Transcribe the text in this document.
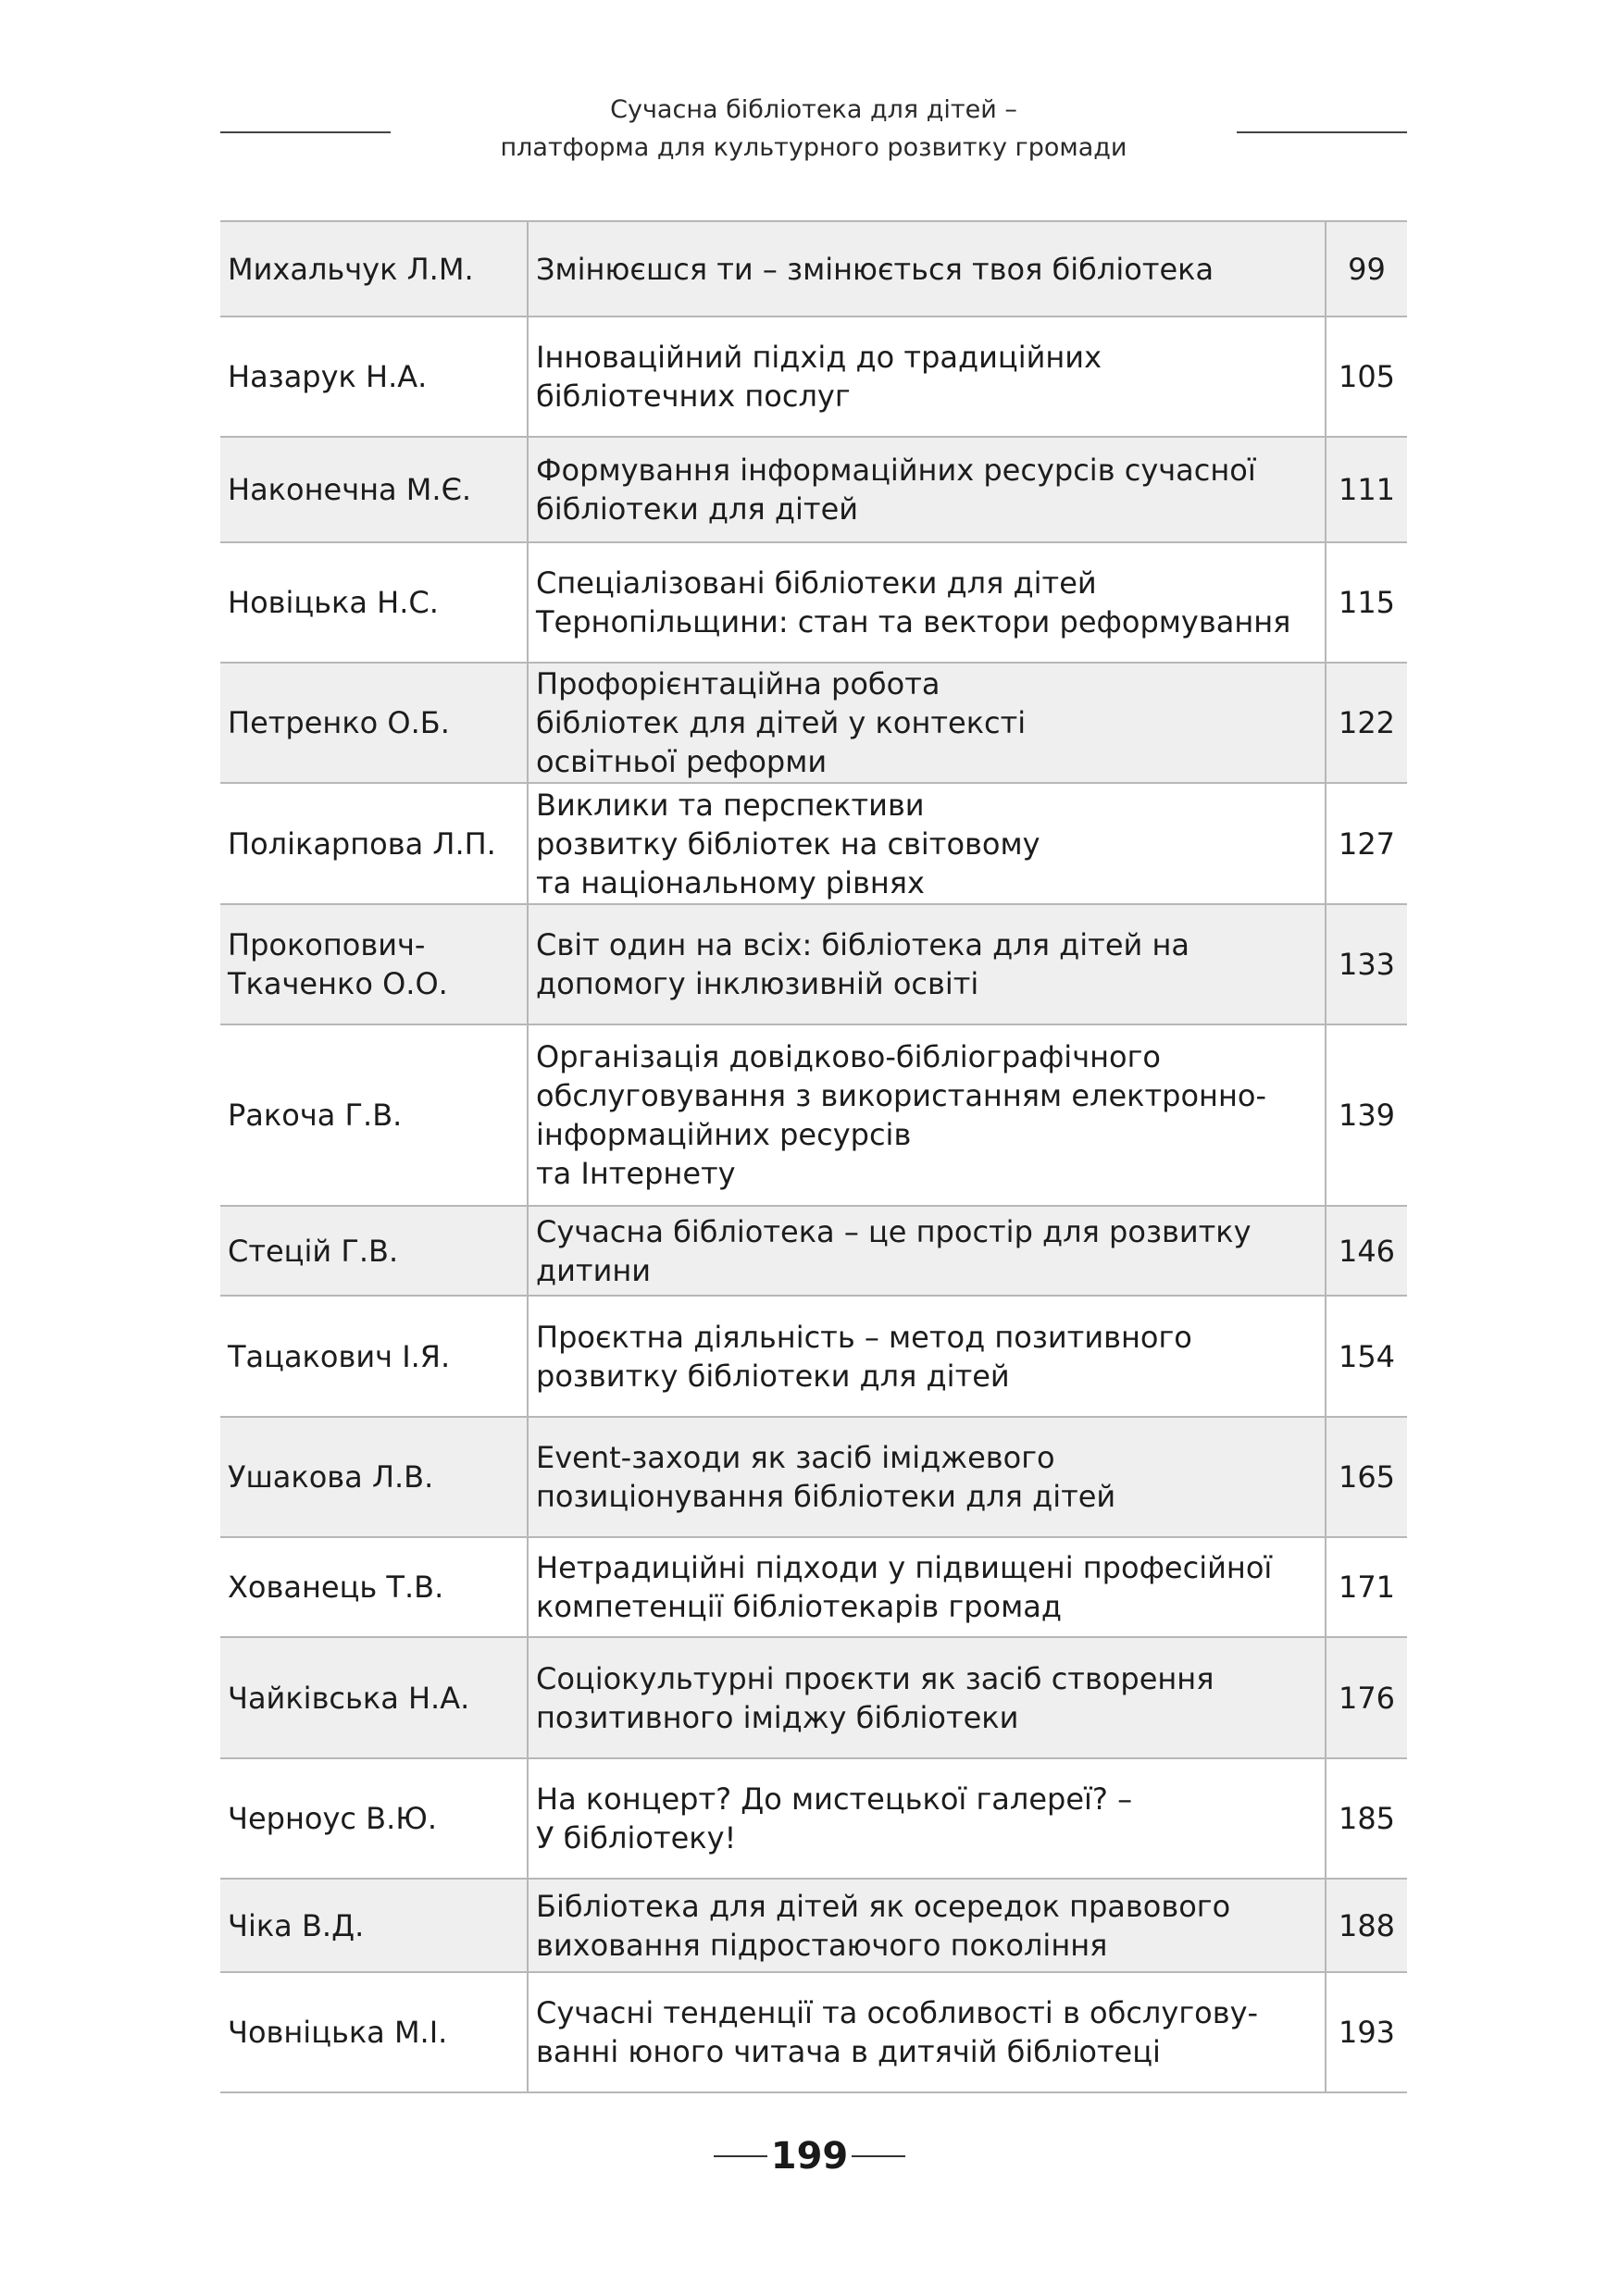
Сучасна бібліотека для дітей –
платформа для культурного розвитку громади
Михальчук Л.М.	Змінюєшся ти – змінюється твоя бібліотека	99
Назарук Н.А.	Інноваційний підхід до традиційних
бібліотечних послуг	105
Наконечна М.Є.	Формування інформаційних ресурсів сучасної
бібліотеки для дітей	111
Новіцька Н.С.	Спеціалізовані бібліотеки для дітей
Тернопільщини: стан та вектори реформування	115
Петренко О.Б.	Профорієнтаційна робота
бібліотек для дітей у контексті
освітньої реформи	122
Полікарпова Л.П.	Виклики та перспективи
розвитку бібліотек на світовому
та національному рівнях	127
Прокопович-
Ткаченко О.О.	Світ один на всіх: бібліотека для дітей на
допомогу інклюзивній освіті	133
Ракоча Г.В.	Організація довідково-бібліографічного
обслуговування з використанням електронно-
інформаційних ресурсів
та Інтернету	139
Стецій Г.В.	Сучасна бібліотека – це простір для розвитку
дитини	146
Тацакович І.Я.	Проєктна діяльність – метод позитивного
розвитку бібліотеки для дітей	154
Ушакова Л.В.	Event-заходи як засіб іміджевого
позиціонування бібліотеки для дітей	165
Хованець Т.В.	Нетрадиційні підходи у підвищені професійної
компетенції бібліотекарів громад	171
Чайківська Н.А.	Соціокультурні проєкти як засіб створення
позитивного іміджу бібліотеки	176
Черноус В.Ю.	На концерт? До мистецької галереї? –
У бібліотеку!	185
Чіка В.Д.	Бібліотека для дітей як осередок правового
виховання підростаючого покоління	188
Човніцька М.І.	Сучасні тенденції та особливості в обслугову-
ванні юного читача в дитячій бібліотеці	193
199
